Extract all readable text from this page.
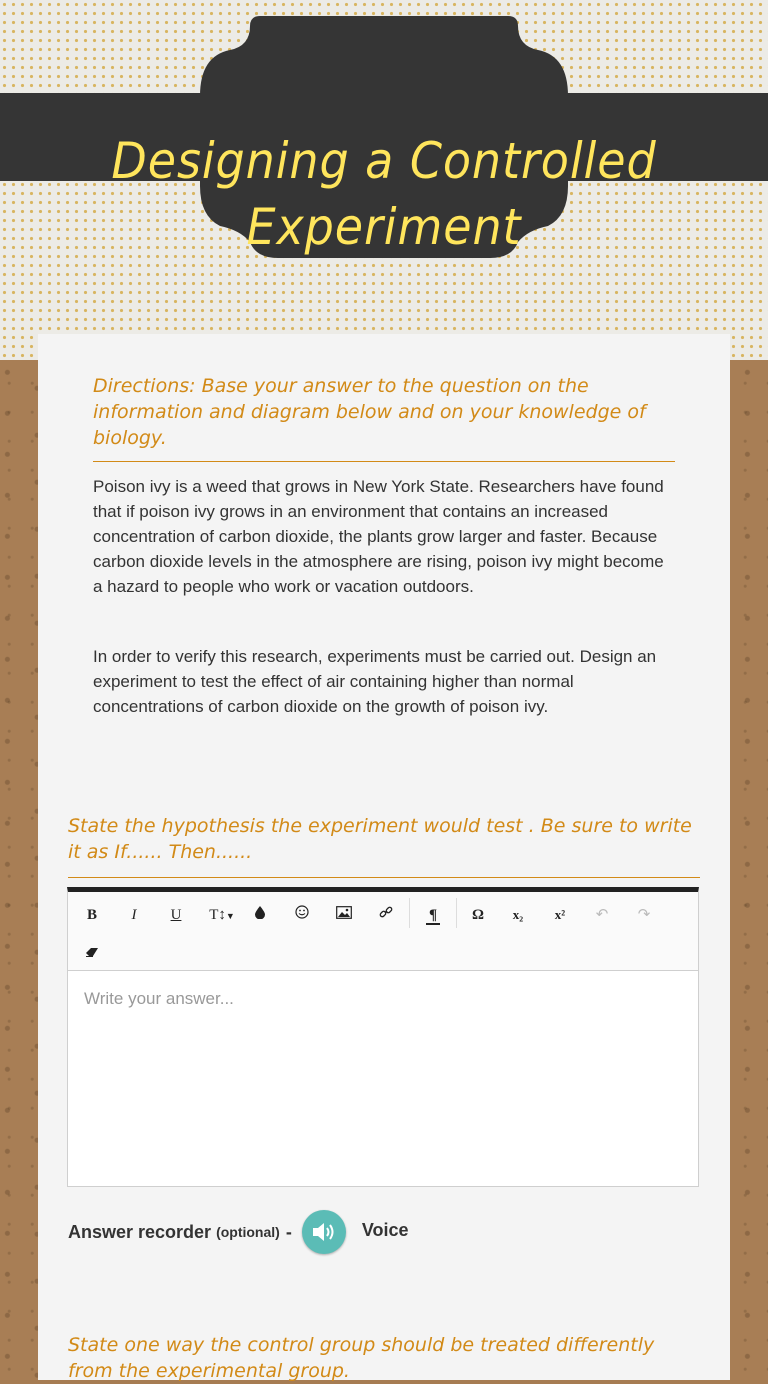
Designing a Controlled Experiment
Directions: Base your answer to the question on the information and diagram below and on your knowledge of biology.

Poison ivy is a weed that grows in New York State. Researchers have found that if poison ivy grows in an environment that contains an increased concentration of carbon dioxide, the plants grow larger and faster. Because carbon dioxide levels in the atmosphere are rising, poison ivy might become a hazard to people who work or vacation outdoors.

In order to verify this research, experiments must be carried out. Design an experiment to test the effect of air containing higher than normal concentrations of carbon dioxide on the growth of poison ivy.

State the hypothesis the experiment would test . Be sure to write it as If...... Then......
B	I	U	T↕▼	¶	Ω	x₂	x²	↶	↷
Write your answer...
Answer recorder (optional) -	Voice
State one way the control group should be treated differently from the experimental group.
